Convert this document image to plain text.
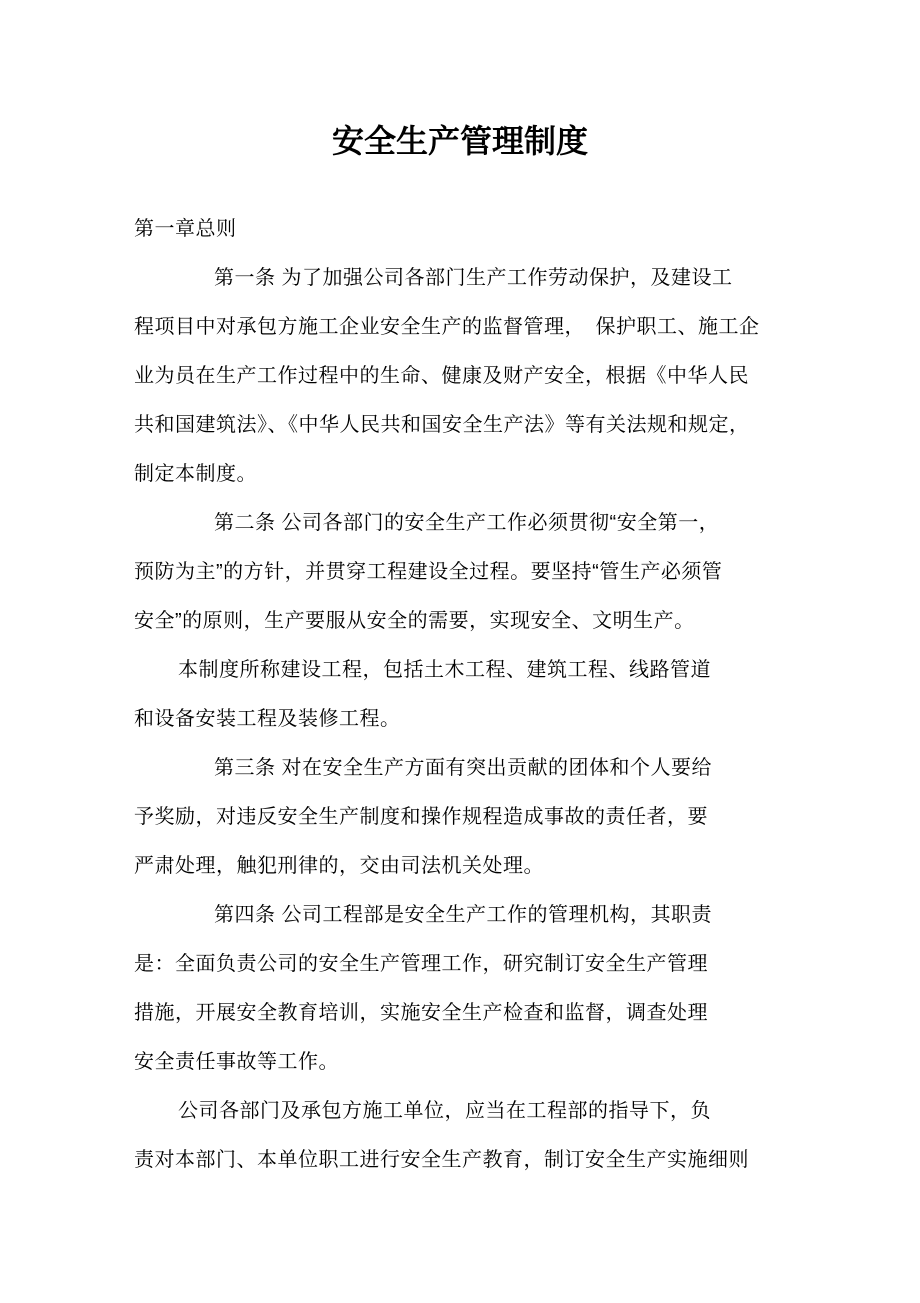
安全生产管理制度
第一章总则
第一条 为了加强公司各部门生产工作劳动保护，及建设工
程项目中对承包方施工企业安全生产的监督管理，　保护职工、施工企
业为员在生产工作过程中的生命、健康及财产安全，根据《中华人民
共和国建筑法》、《中华人民共和国安全生产法》等有关法规和规定，
制定本制度。
第二条 公司各部门的安全生产工作必须贯彻“安全第一，
预防为主”的方针，并贯穿工程建设全过程。要坚持“管生产必须管
安全”的原则，生产要服从安全的需要，实现安全、文明生产。
本制度所称建设工程，包括土木工程、建筑工程、线路管道
和设备安装工程及装修工程。
第三条 对在安全生产方面有突出贡献的团体和个人要给
予奖励，对违反安全生产制度和操作规程造成事故的责任者，要
严肃处理，触犯刑律的，交由司法机关处理。
第四条 公司工程部是安全生产工作的管理机构，其职责
是：全面负责公司的安全生产管理工作，研究制订安全生产管理
措施，开展安全教育培训，实施安全生产检查和监督，调查处理
安全责任事故等工作。
公司各部门及承包方施工单位，应当在工程部的指导下，负
责对本部门、本单位职工进行安全生产教育，制订安全生产实施细则
